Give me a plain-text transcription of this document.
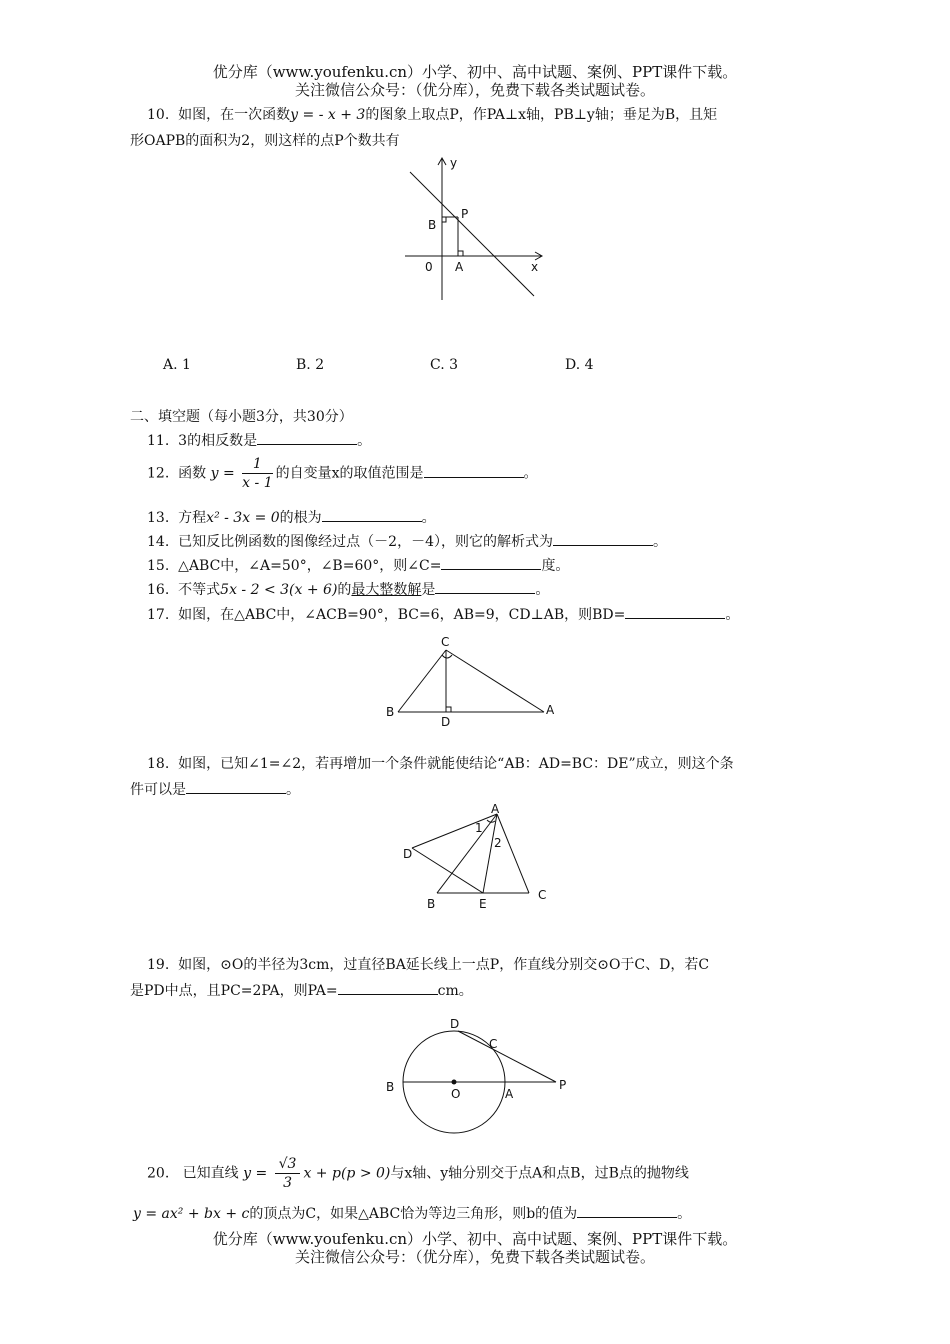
优分库（www.youfenku.cn）小学、初中、高中试题、案例、PPT课件下载。
关注微信公众号：（优分库），免费下载各类试题试卷。
10. 如图，在一次函数y = - x + 3的图象上取点P，作PA⊥x轴，PB⊥y轴；垂足为B，且矩
形OAPB的面积为2，则这样的点P个数共有
y
x
0 A
B
P
A. 1	B. 2	C. 3	D. 4
二、填空题（每小题3分，共30分）
11. 3的相反数是	。
12. 函数 $y = \frac{1}{x - 1}$ 的自变量x的取值范围是	。
13. 方程x² - 3x = 0的根为	。
14. 已知反比例函数的图像经过点（－2，－4），则它的解析式为	。
15. △ABC中，∠A=50°，∠B=60°，则∠C=	度。
16. 不等式5x - 2 < 3(x + 6)的最大整数解是	。
17. 如图，在△ABC中，∠ACB=90°，BC=6，AB=9，CD⊥AB，则BD=	。
C
B
D
A
18. 如图，已知∠1=∠2，若再增加一个条件就能使结论“AB：AD=BC：DE”成立，则这个条
件可以是	。
A
D
B	E
C
1
2
19. 如图，⊙O的半径为3cm，过直径BA延长线上一点P，作直线分别交⊙O于C、D，若C
是PD中点，且PC=2PA，则PA=	cm。
D
C
B	O	A
P
20. 已知直线 $y = \frac{√3}{3}$ x + p(p > 0)与x轴、y轴分别交于点A和点B，过B点的抛物线
y = ax² + bx + c的顶点为C，如果△ABC恰为等边三角形，则b的值为	。
优分库（www.youfenku.cn）小学、初中、高中试题、案例、PPT课件下载。
关注微信公众号：（优分库），免费下载各类试题试卷。
